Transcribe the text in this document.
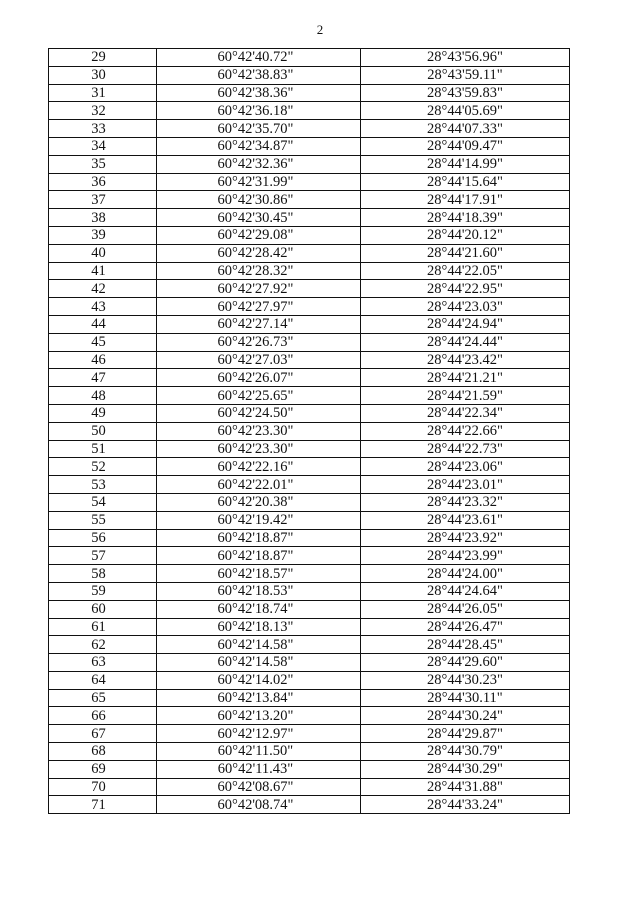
2
29	60°42'40.72"	28°43'56.96"
30	60°42'38.83"	28°43'59.11"
31	60°42'38.36"	28°43'59.83"
32	60°42'36.18"	28°44'05.69"
33	60°42'35.70"	28°44'07.33"
34	60°42'34.87"	28°44'09.47"
35	60°42'32.36"	28°44'14.99"
36	60°42'31.99"	28°44'15.64"
37	60°42'30.86"	28°44'17.91"
38	60°42'30.45"	28°44'18.39"
39	60°42'29.08"	28°44'20.12"
40	60°42'28.42"	28°44'21.60"
41	60°42'28.32"	28°44'22.05"
42	60°42'27.92"	28°44'22.95"
43	60°42'27.97"	28°44'23.03"
44	60°42'27.14"	28°44'24.94"
45	60°42'26.73"	28°44'24.44"
46	60°42'27.03"	28°44'23.42"
47	60°42'26.07"	28°44'21.21"
48	60°42'25.65"	28°44'21.59"
49	60°42'24.50"	28°44'22.34"
50	60°42'23.30"	28°44'22.66"
51	60°42'23.30"	28°44'22.73"
52	60°42'22.16"	28°44'23.06"
53	60°42'22.01"	28°44'23.01"
54	60°42'20.38"	28°44'23.32"
55	60°42'19.42"	28°44'23.61"
56	60°42'18.87"	28°44'23.92"
57	60°42'18.87"	28°44'23.99"
58	60°42'18.57"	28°44'24.00"
59	60°42'18.53"	28°44'24.64"
60	60°42'18.74"	28°44'26.05"
61	60°42'18.13"	28°44'26.47"
62	60°42'14.58"	28°44'28.45"
63	60°42'14.58"	28°44'29.60"
64	60°42'14.02"	28°44'30.23"
65	60°42'13.84"	28°44'30.11"
66	60°42'13.20"	28°44'30.24"
67	60°42'12.97"	28°44'29.87"
68	60°42'11.50"	28°44'30.79"
69	60°42'11.43"	28°44'30.29"
70	60°42'08.67"	28°44'31.88"
71	60°42'08.74"	28°44'33.24"
